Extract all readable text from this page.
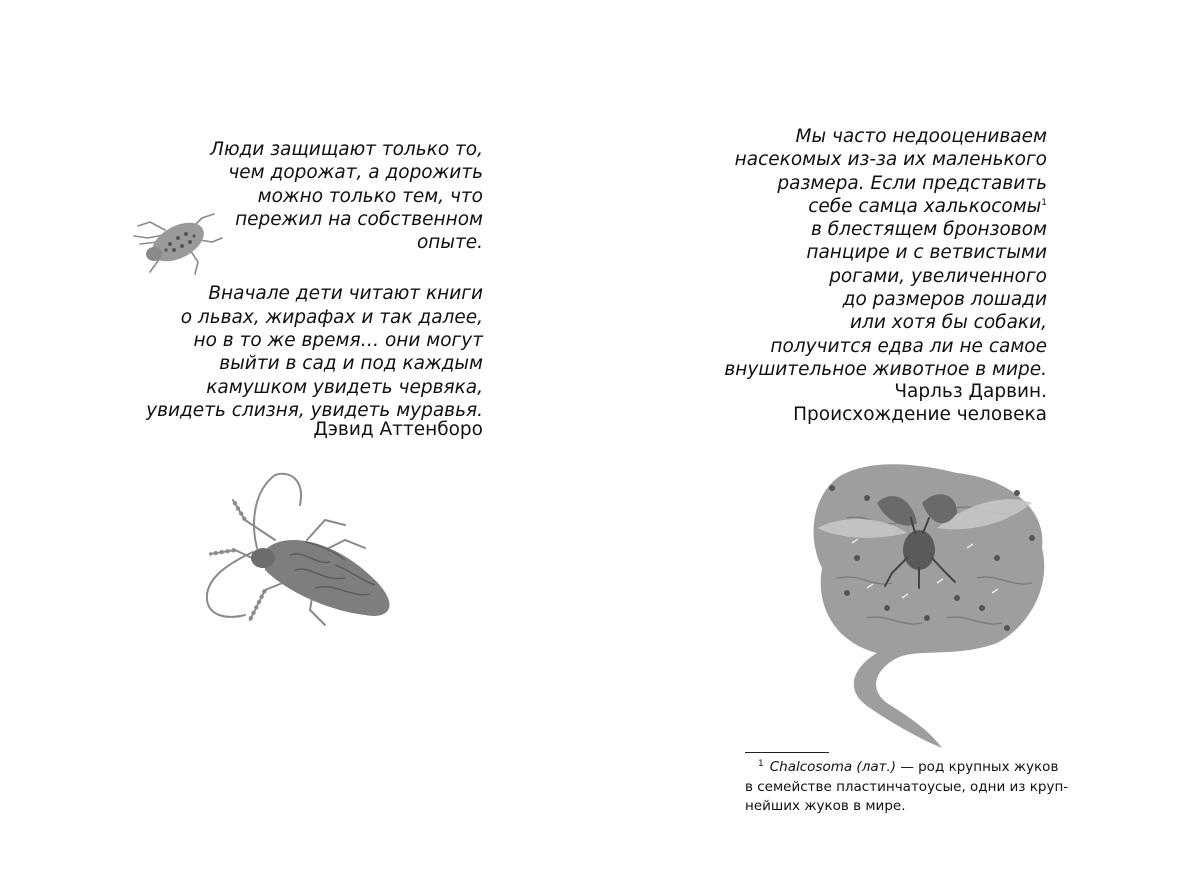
Люди защищают только то,
чем дорожат, а дорожить
можно только тем, что
пережил на собственном
опыте.
Вначале дети читают книги
о львах, жирафах и так далее,
но в то же время… они могут
выйти в сад и под каждым
камушком увидеть червяка,
увидеть слизня, увидеть муравья.
Дэвид Аттенборо
Мы часто недооцениваем
насекомых из-за их маленького
размера. Если представить
себе самца халькосомы$^1$
в блестящем бронзовом
панцире и с ветвистыми
рогами, увеличенного
до размеров лошади
или хотя бы собаки,
получится едва ли не самое
внушительное животное в мире.
Чарльз Дарвин.
Происхождение человека
$^1$ Chalcosoma (лат.) — род крупных жуков
в семействе пластинчатоусые, одни из круп-
нейших жуков в мире.
